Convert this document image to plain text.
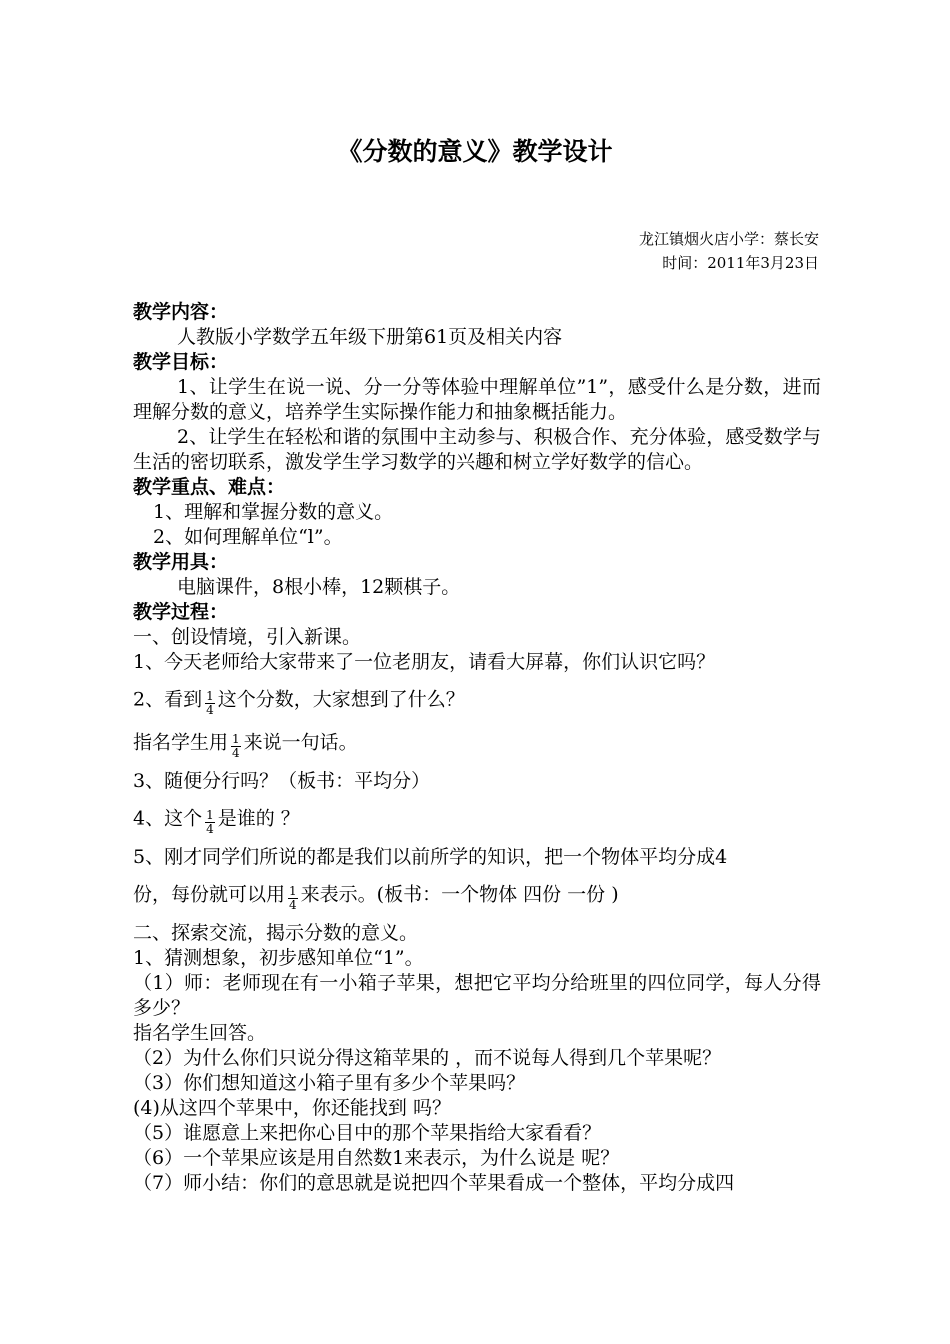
《分数的意义》教学设计
龙江镇烟火店小学：蔡长安
时间：2011年3月23日

教学内容：

人教版小学数学五年级下册第61页及相关内容

教学目标：

1、让学生在说一说、分一分等体验中理解单位”1”，感受什么是分数，进而理解分数的意义，培养学生实际操作能力和抽象概括能力。

2、让学生在轻松和谐的氛围中主动参与、积极合作、充分体验，感受数学与生活的密切联系，激发学生学习数学的兴趣和树立学好数学的信心。

教学重点、难点：

1、理解和掌握分数的意义。

2、如何理解单位“l”。

教学用具：

电脑课件，8根小棒，12颗棋子。

教学过程：

一、创设情境，引入新课。

1、今天老师给大家带来了一位老朋友，请看大屏幕，你们认识它吗？

2、看到 $\frac{1}{4}$ 这个分数，大家想到了什么？

指名学生用 $\frac{1}{4}$ 来说一句话。

3、随便分行吗？（板书：平均分）

4、这个 $\frac{1}{4}$ 是谁的 ？

5、刚才同学们所说的都是我们以前所学的知识，把一个物体平均分成4

份，每份就可以用 $\frac{1}{4}$ 来表示。(板书：一个物体 四份 一份 )

二、探索交流，揭示分数的意义。

1、猜测想象，初步感知单位“1”。

（1）师：老师现在有一小箱子苹果，想把它平均分给班里的四位同学，每人分得多少？

指名学生回答。

（2）为什么你们只说分得这箱苹果的 ，而不说每人得到几个苹果呢？

（3）你们想知道这小箱子里有多少个苹果吗？

(4)从这四个苹果中，你还能找到 吗？

（5）谁愿意上来把你心目中的那个苹果指给大家看看？

（6）一个苹果应该是用自然数1来表示，为什么说是 呢？

（7）师小结：你们的意思就是说把四个苹果看成一个整体，平均分成四
